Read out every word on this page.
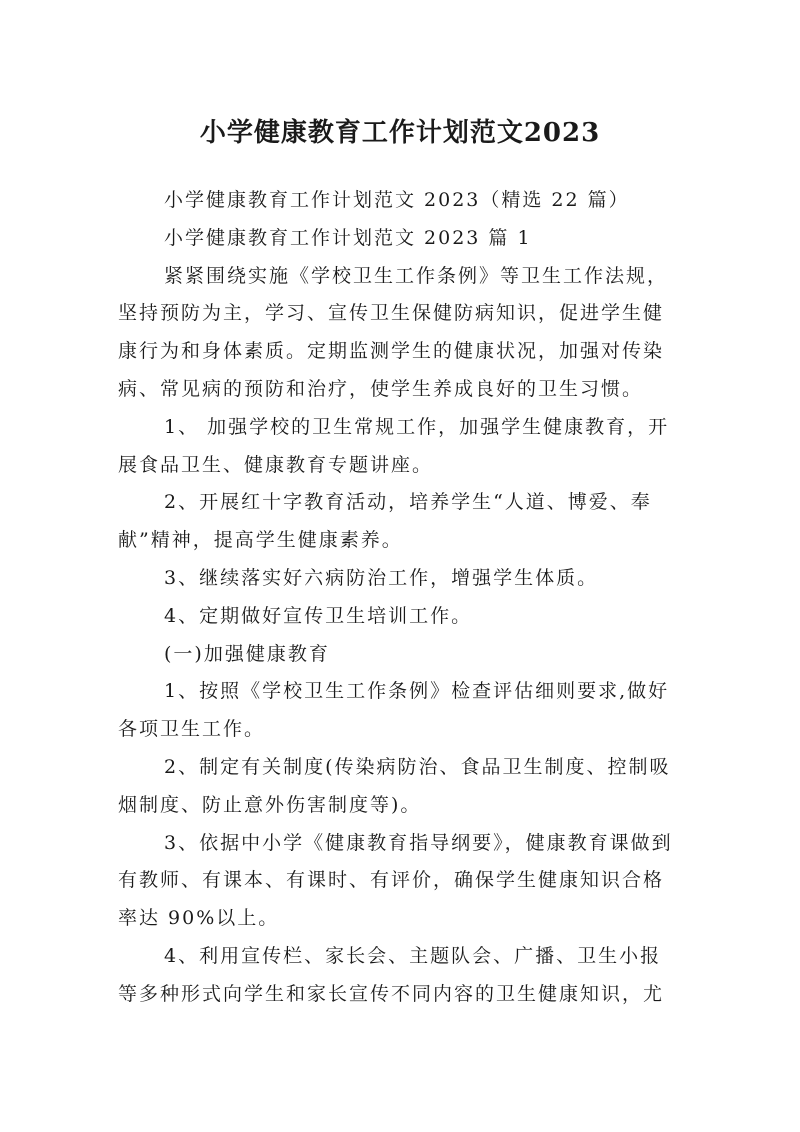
小学健康教育工作计划范文2023
小学健康教育工作计划范文 2023（精选 22 篇）
小学健康教育工作计划范文 2023 篇 1
紧紧围绕实施《学校卫生工作条例》等卫生工作法规，
坚持预防为主，学习、宣传卫生保健防病知识，促进学生健
康行为和身体素质。定期监测学生的健康状况，加强对传染
病、常见病的预防和治疗，使学生养成良好的卫生习惯。
1、 加强学校的卫生常规工作，加强学生健康教育，开
展食品卫生、健康教育专题讲座。
2、开展红十字教育活动，培养学生“人道、博爱、奉
献”精神，提高学生健康素养。
3、继续落实好六病防治工作，增强学生体质。
4、定期做好宣传卫生培训工作。
(一)加强健康教育
1、按照《学校卫生工作条例》检查评估细则要求,做好
各项卫生工作。
2、制定有关制度(传染病防治、食品卫生制度、控制吸
烟制度、防止意外伤害制度等)。
3、依据中小学《健康教育指导纲要》，健康教育课做到
有教师、有课本、有课时、有评价，确保学生健康知识合格
率达 90%以上。
4、利用宣传栏、家长会、主题队会、广播、卫生小报
等多种形式向学生和家长宣传不同内容的卫生健康知识，尤
